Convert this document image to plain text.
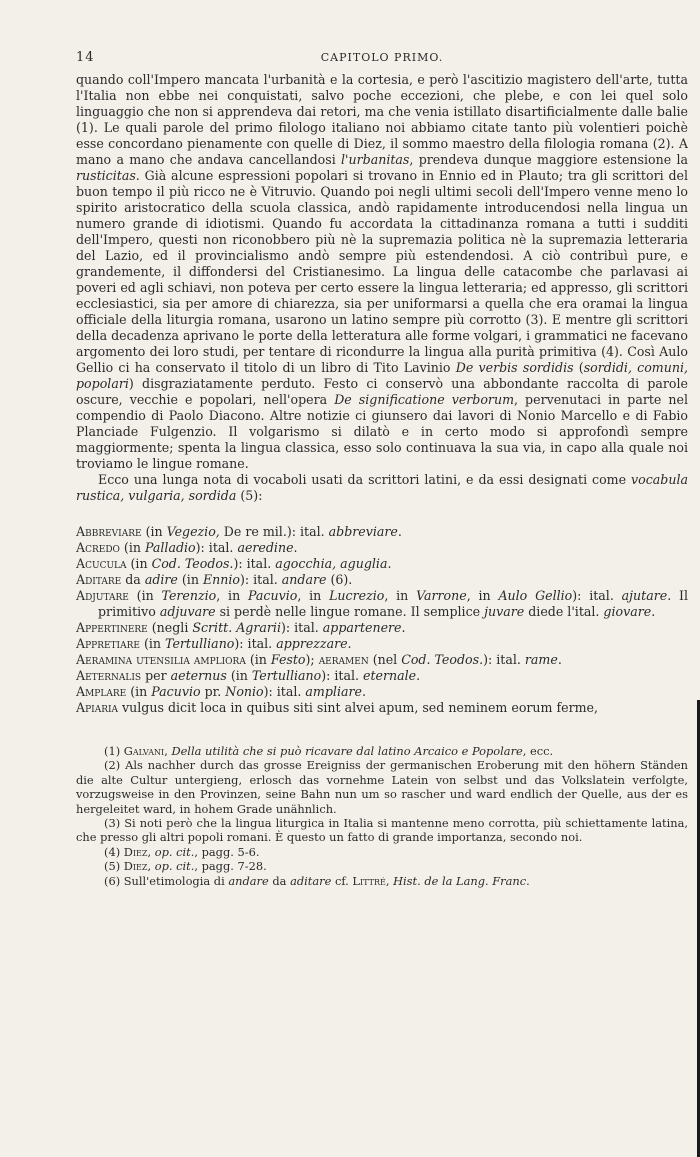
14	CAPITOLO PRIMO.

quando coll'Impero mancata l'urbanità e la cortesia, e però l'ascitizio magistero dell'arte, tutta l'Italia non ebbe nei conquistati, salvo poche eccezioni, che plebe, e con lei quel solo linguaggio che non si apprendeva dai retori, ma che venia istillato disartificialmente dalle balie (1). Le quali parole del primo filologo italiano noi abbiamo citate tanto più volentieri poichè esse concordano pienamente con quelle di Diez, il sommo maestro della filologia romana (2). A mano a mano che andava cancellandosi l'urbanitas, prendeva dunque maggiore estensione la rusticitas. Già alcune espressioni popolari si trovano in Ennio ed in Plauto; tra gli scrittori del buon tempo il più ricco ne è Vitruvio. Quando poi negli ultimi secoli dell'Impero venne meno lo spirito aristocratico della scuola classica, andò rapidamente introducendosi nella lingua un numero grande di idiotismi. Quando fu accordata la cittadinanza romana a tutti i sudditi dell'Impero, questi non riconobbero più nè la supremazia politica nè la supremazia letteraria del Lazio, ed il provincialismo andò sempre più estendendosi. A ciò contribuì pure, e grandemente, il diffondersi del Cristianesimo. La lingua delle catacombe che parlavasi ai poveri ed agli schiavi, non poteva per certo essere la lingua letteraria; ed appresso, gli scrittori ecclesiastici, sia per amore di chiarezza, sia per uniformarsi a quella che era oramai la lingua officiale della liturgia romana, usarono un latino sempre più corrotto (3). E mentre gli scrittori della decadenza aprivano le porte della letteratura alle forme volgari, i grammatici ne facevano argomento dei loro studi, per tentare di ricondurre la lingua alla purità primitiva (4). Così Aulo Gellio ci ha conservato il titolo di un libro di Tito Lavinio De verbis sordidis (sordidi, comuni, popolari) disgraziatamente perduto. Festo ci conservò una abbondante raccolta di parole oscure, vecchie e popolari, nell'opera De significatione verborum, pervenutaci in parte nel compendio di Paolo Diacono. Altre notizie ci giunsero dai lavori di Nonio Marcello e di Fabio Planciade Fulgenzio. Il volgarismo si dilatò e in certo modo si approfondì sempre maggiormente; spenta la lingua classica, esso solo continuava la sua via, in capo alla quale noi troviamo le lingue romane.

Ecco una lunga nota di vocaboli usati da scrittori latini, e da essi designati come vocabula rustica, vulgaria, sordida (5):

Abbreviare (in Vegezio, De re mil.): ital. abbreviare.
Acredo (in Palladio): ital. aeredine.
Acucula (in Cod. Teodos.): ital. agocchia, aguglia.
Aditare da adire (in Ennio): ital. andare (6).
Adjutare (in Terenzio, in Pacuvio, in Lucrezio, in Varrone, in Aulo Gellio): ital. ajutare. Il primitivo adjuvare si perdè nelle lingue romane. Il semplice juvare diede l'ital. giovare.
Appertinere (negli Scritt. Agrarii): ital. appartenere.
Appretiare (in Tertulliano): ital. apprezzare.
Aeramina utensilia ampliora (in Festo); aeramen (nel Cod. Teodos.): ital. rame.
Aeternalis per aeternus (in Tertulliano): ital. eternale.
Amplare (in Pacuvio pr. Nonio): ital. ampliare.
Apiaria vulgus dicit loca in quibus siti sint alvei apum, sed neminem eorum ferme,
(1) Galvani, Della utilità che si può ricavare dal latino Arcaico e Popolare, ecc.
(2) Als nachher durch das grosse Ereigniss der germanischen Eroberung mit den höhern Ständen die alte Cultur untergieng, erlosch das vornehme Latein von selbst und das Volkslatein verfolgte, vorzugsweise in den Provinzen, seine Bahn nun um so rascher und ward endlich der Quelle, aus der es hergeleitet ward, in hohem Grade unähnlich.
(3) Si noti però che la lingua liturgica in Italia si mantenne meno corrotta, più schiettamente latina, che presso gli altri popoli romani. È questo un fatto di grande importanza, secondo noi.
(4) Diez, op. cit., pagg. 5-6.
(5) Diez, op. cit., pagg. 7-28.
(6) Sull'etimologia di andare da aditare cf. Littré, Hist. de la Lang. Franc.
